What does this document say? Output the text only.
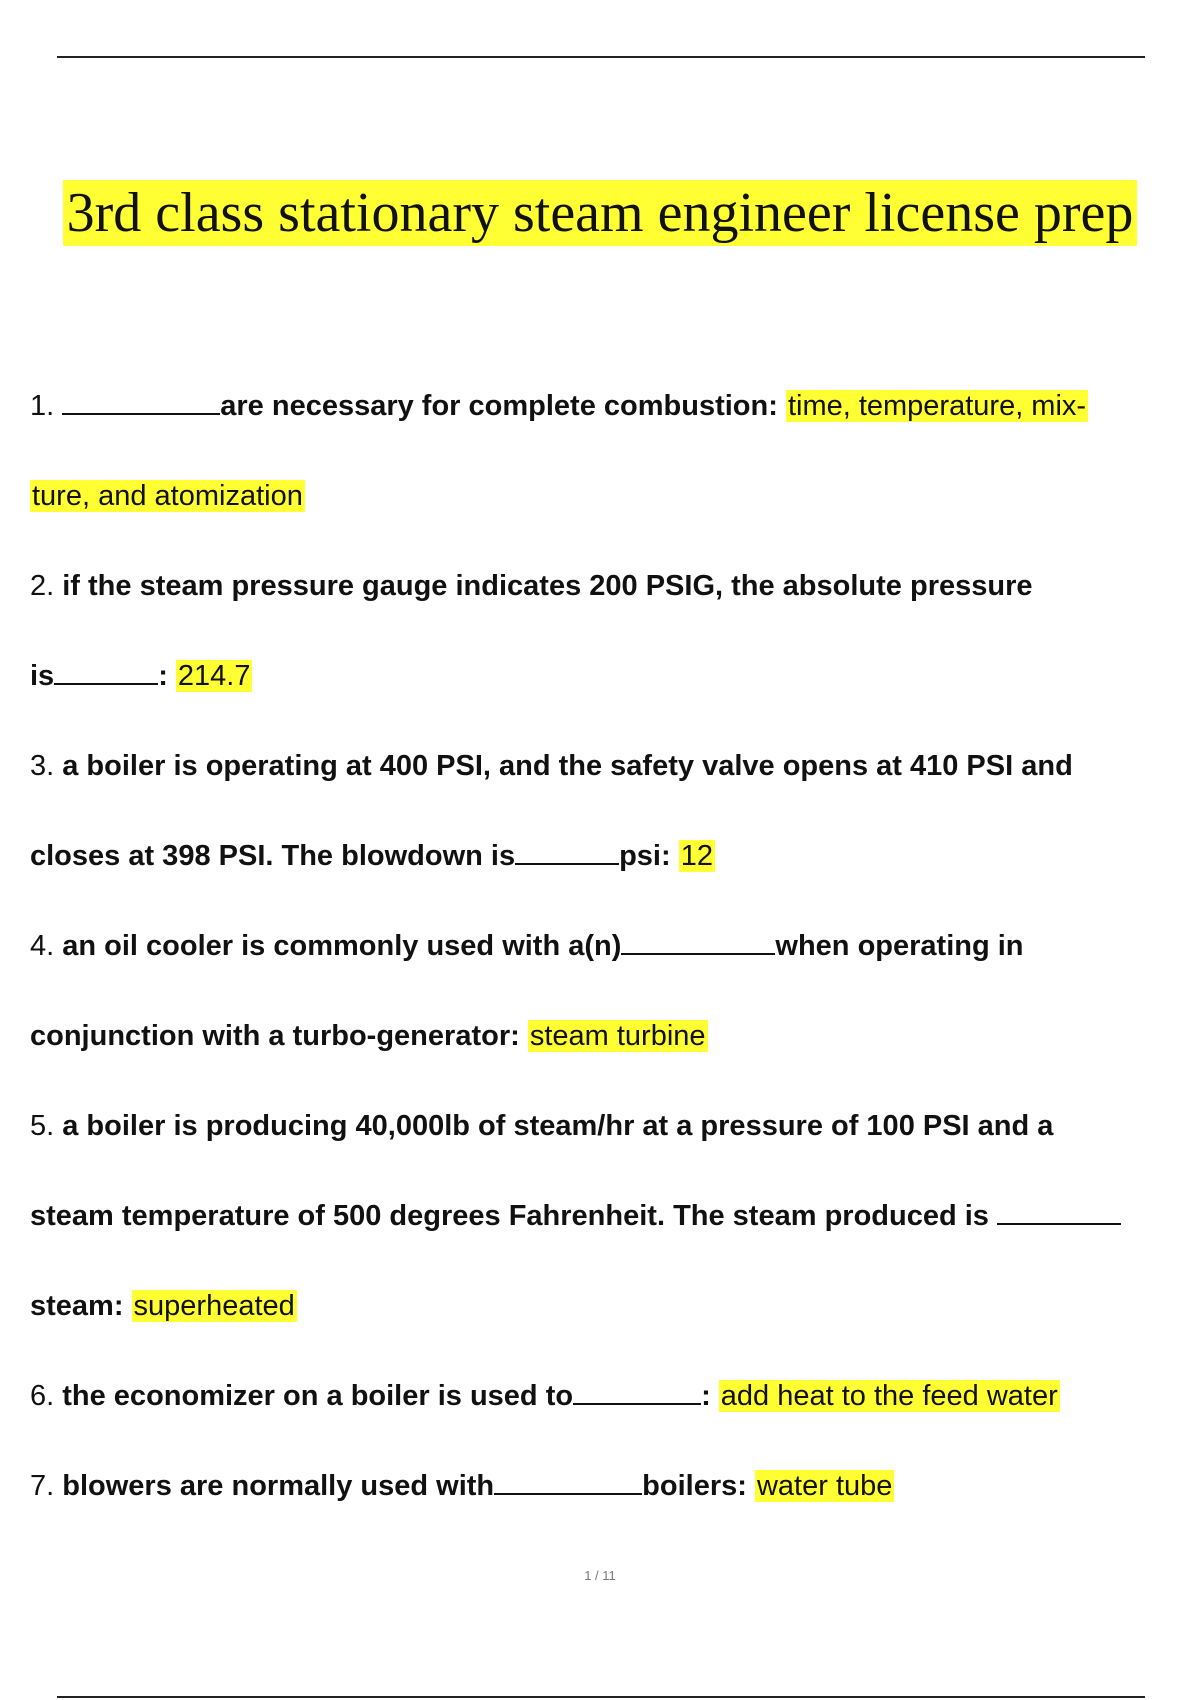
3rd class stationary steam engineer license prep
1.	are necessary for complete combustion: time, temperature, mix-
ture, and atomization
2. if the steam pressure gauge indicates 200 PSIG, the absolute pressure
is	: 214.7
3. a boiler is operating at 400 PSI, and the safety valve opens at 410 PSI and
closes at 398 PSI. The blowdown is	psi: 12
4. an oil cooler is commonly used with a(n)	when operating in
conjunction with a turbo-generator: steam turbine
5. a boiler is producing 40,000lb of steam/hr at a pressure of 100 PSI and a
steam temperature of 500 degrees Fahrenheit. The steam produced is
steam: superheated
6. the economizer on a boiler is used to	: add heat to the feed water
7. blowers are normally used with	boilers: water tube
1 / 11
